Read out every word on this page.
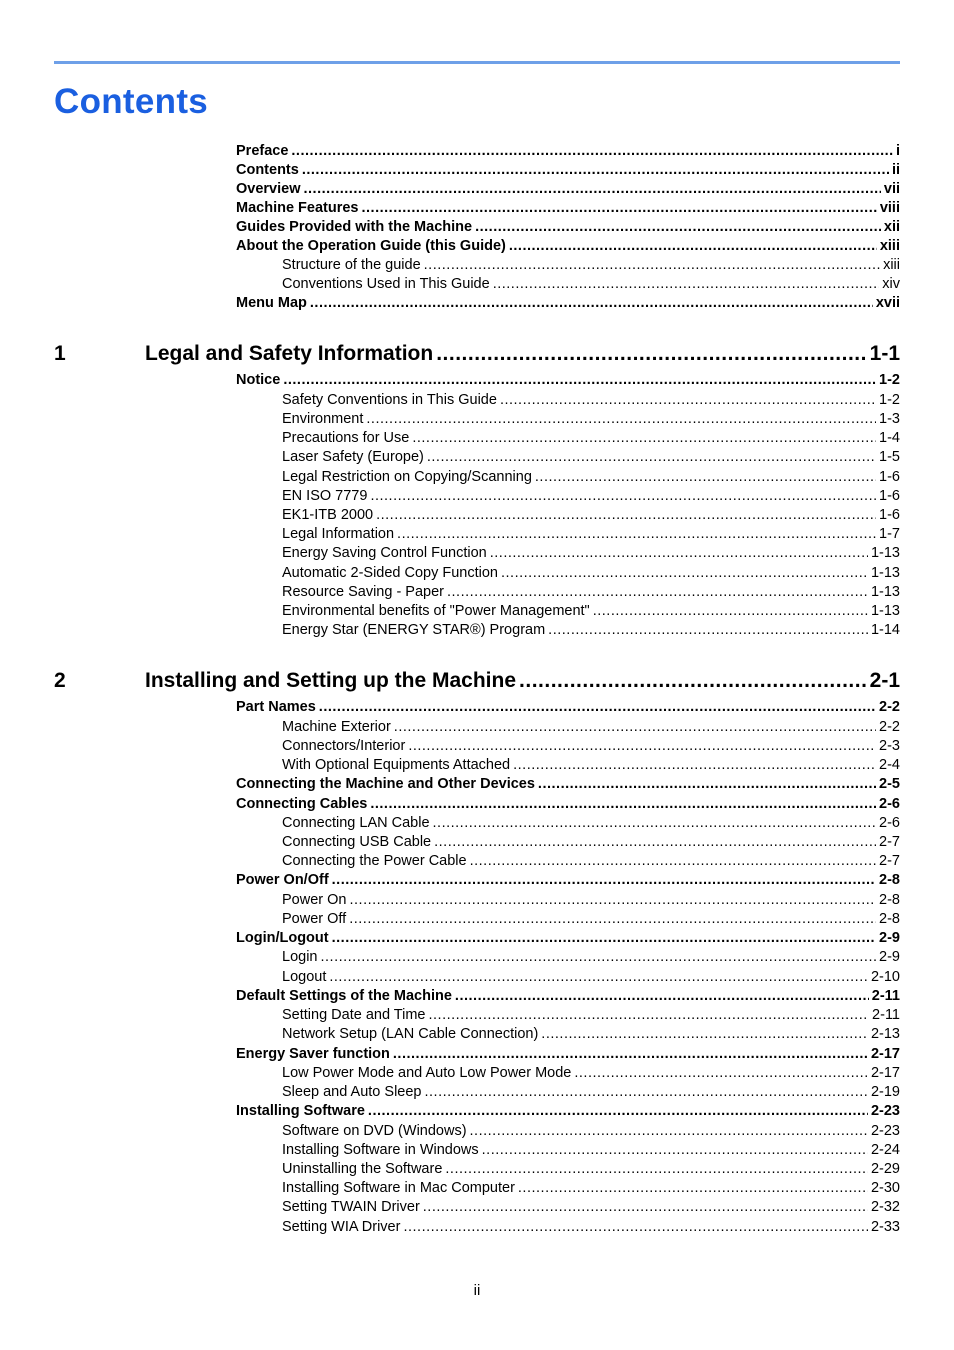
Contents
Preface .....	i
Contents .....	ii
Overview .....	vii
Machine Features .....	viii
Guides Provided with the Machine .....	xii
About the Operation Guide (this Guide) .....	xiii
Structure of the guide .....	xiii
Conventions Used in This Guide .....	xiv
Menu Map .....	xvii
1	Legal and Safety Information .....	1-1
Notice .....	1-2
Safety Conventions in This Guide .....	1-2
Environment .....	1-3
Precautions for Use .....	1-4
Laser Safety (Europe) .....	1-5
Legal Restriction on Copying/Scanning .....	1-6
EN ISO 7779 .....	1-6
EK1-ITB 2000 .....	1-6
Legal Information .....	1-7
Energy Saving Control Function .....	1-13
Automatic 2-Sided Copy Function .....	1-13
Resource Saving - Paper .....	1-13
Environmental benefits of "Power Management" .....	1-13
Energy Star (ENERGY STAR®) Program .....	1-14
2	Installing and Setting up the Machine .....	2-1
Part Names .....	2-2
Machine Exterior .....	2-2
Connectors/Interior .....	2-3
With Optional Equipments Attached .....	2-4
Connecting the Machine and Other Devices .....	2-5
Connecting Cables .....	2-6
Connecting LAN Cable .....	2-6
Connecting USB Cable .....	2-7
Connecting the Power Cable .....	2-7
Power On/Off .....	2-8
Power On .....	2-8
Power Off .....	2-8
Login/Logout .....	2-9
Login .....	2-9
Logout .....	2-10
Default Settings of the Machine .....	2-11
Setting Date and Time .....	2-11
Network Setup (LAN Cable Connection) .....	2-13
Energy Saver function .....	2-17
Low Power Mode and Auto Low Power Mode .....	2-17
Sleep and Auto Sleep .....	2-19
Installing Software .....	2-23
Software on DVD (Windows) .....	2-23
Installing Software in Windows .....	2-24
Uninstalling the Software .....	2-29
Installing Software in Mac Computer .....	2-30
Setting TWAIN Driver .....	2-32
Setting WIA Driver .....	2-33
ii
